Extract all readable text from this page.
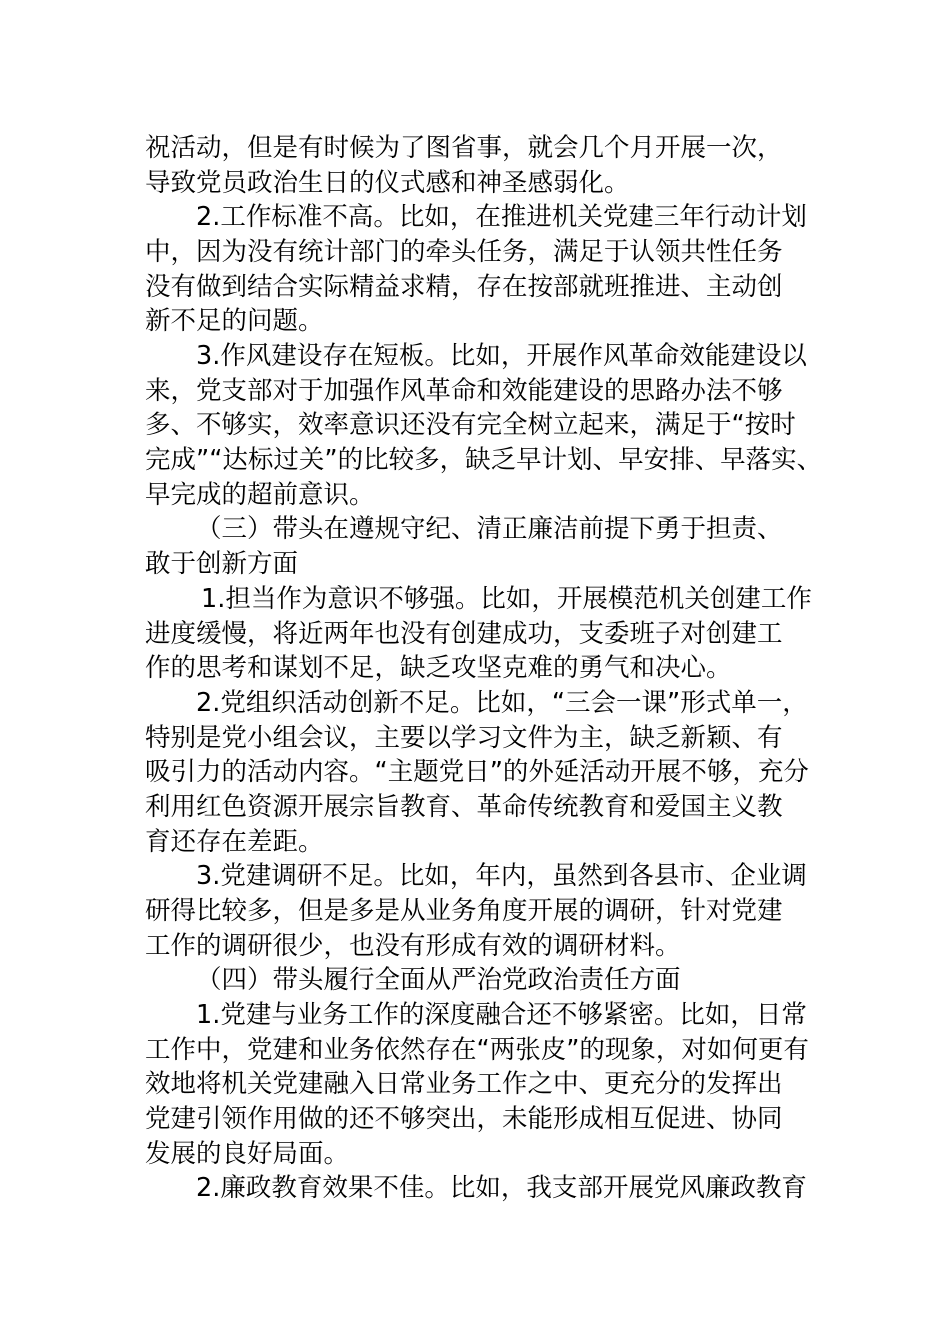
祝活动，但是有时候为了图省事，就会几个月开展一次，
导致党员政治生日的仪式感和神圣感弱化。
2.工作标准不高。比如，在推进机关党建三年行动计划
中，因为没有统计部门的牵头任务，满足于认领共性任务
没有做到结合实际精益求精，存在按部就班推进、主动创
新不足的问题。
3.作风建设存在短板。比如，开展作风革命效能建设以
来，党支部对于加强作风革命和效能建设的思路办法不够
多、不够实，效率意识还没有完全树立起来，满足于“按时
完成”“达标过关”的比较多，缺乏早计划、早安排、早落实、
早完成的超前意识。
（三）带头在遵规守纪、清正廉洁前提下勇于担责、
敢于创新方面
1.担当作为意识不够强。比如，开展模范机关创建工作
进度缓慢，将近两年也没有创建成功，支委班子对创建工
作的思考和谋划不足，缺乏攻坚克难的勇气和决心。
2.党组织活动创新不足。比如，“三会一课”形式单一，
特别是党小组会议，主要以学习文件为主，缺乏新颖、有
吸引力的活动内容。“主题党日”的外延活动开展不够，充分
利用红色资源开展宗旨教育、革命传统教育和爱国主义教
育还存在差距。
3.党建调研不足。比如，年内，虽然到各县市、企业调
研得比较多，但是多是从业务角度开展的调研，针对党建
工作的调研很少，也没有形成有效的调研材料。
（四）带头履行全面从严治党政治责任方面
1.党建与业务工作的深度融合还不够紧密。比如，日常
工作中，党建和业务依然存在“两张皮”的现象，对如何更有
效地将机关党建融入日常业务工作之中、更充分的发挥出
党建引领作用做的还不够突出，未能形成相互促进、协同
发展的良好局面。
2.廉政教育效果不佳。比如，我支部开展党风廉政教育
